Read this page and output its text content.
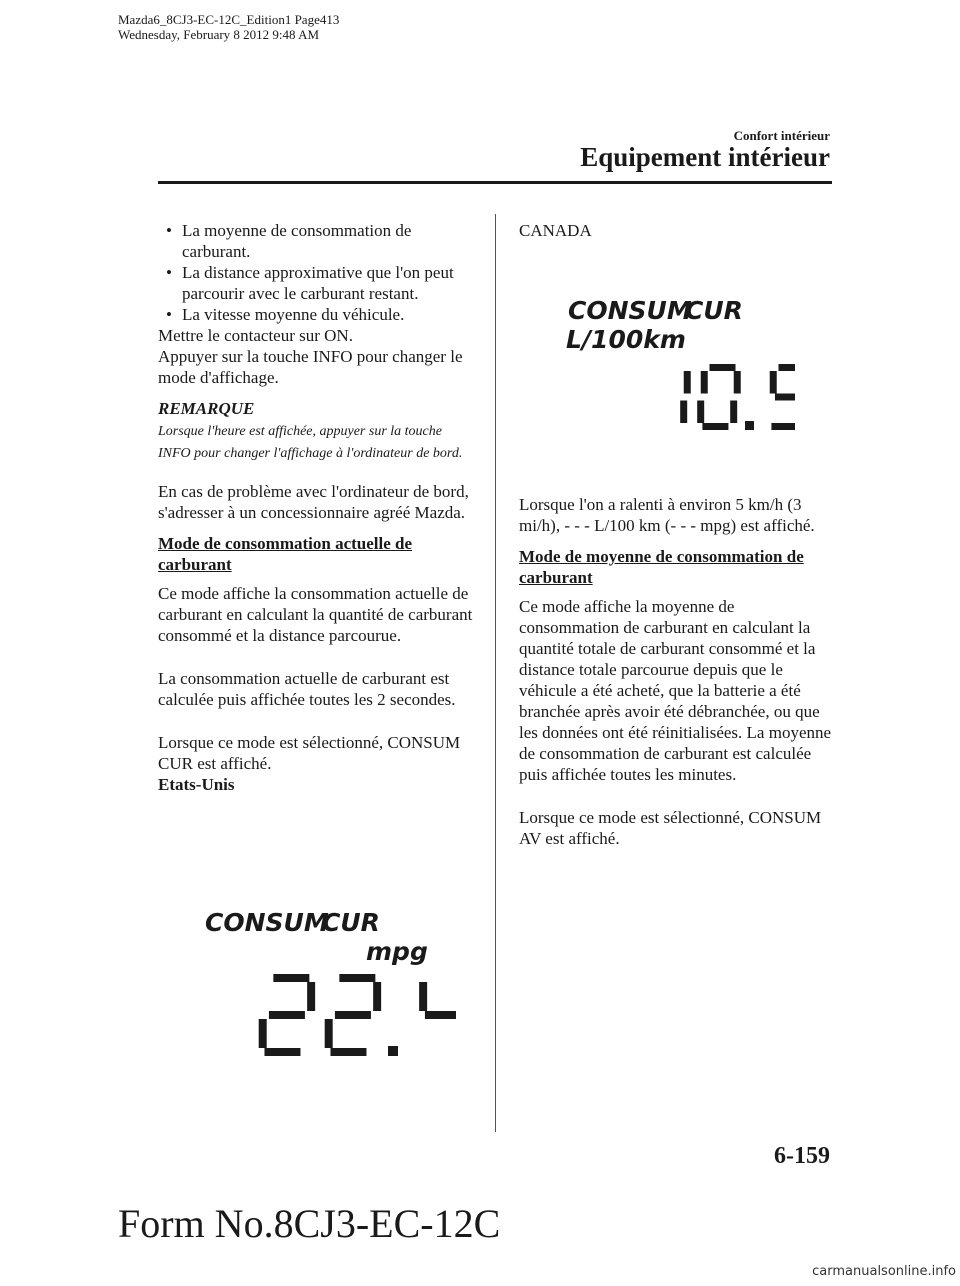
Mazda6_8CJ3-EC-12C_Edition1 Page413
Wednesday, February 8 2012 9:48 AM
Confort intérieur
Equipement intérieur
• La moyenne de consommation de carburant.
• La distance approximative que l'on peut parcourir avec le carburant restant.
• La vitesse moyenne du véhicule.

Mettre le contacteur sur ON.

Appuyer sur la touche INFO pour changer le mode d'affichage.

REMARQUE
Lorsque l'heure est affichée, appuyer sur la touche INFO pour changer l'affichage à l'ordinateur de bord.

En cas de problème avec l'ordinateur de bord, s'adresser à un concessionnaire agréé Mazda.

Mode de consommation actuelle de carburant

Ce mode affiche la consommation actuelle de carburant en calculant la quantité de carburant consommé et la distance parcourue.

La consommation actuelle de carburant est calculée puis affichée toutes les 2 secondes.

Lorsque ce mode est sélectionné, CONSUM CUR est affiché.

Etats-Unis

CONSUM
CUR
mpg

CANADA

CONSUM
CUR
L/100km

Lorsque l'on a ralenti à environ 5 km/h (3 mi/h), - - - L/100 km (- - - mpg) est affiché.

Mode de moyenne de consommation de carburant

Ce mode affiche la moyenne de consommation de carburant en calculant la quantité totale de carburant consommé et la distance totale parcourue depuis que le véhicule a été acheté, que la batterie a été branchée après avoir été débranchée, ou que les données ont été réinitialisées. La moyenne de consommation de carburant est calculée puis affichée toutes les minutes.

Lorsque ce mode est sélectionné, CONSUM AV est affiché.

6-159
Form No.8CJ3-EC-12C
carmanualsonline.info
